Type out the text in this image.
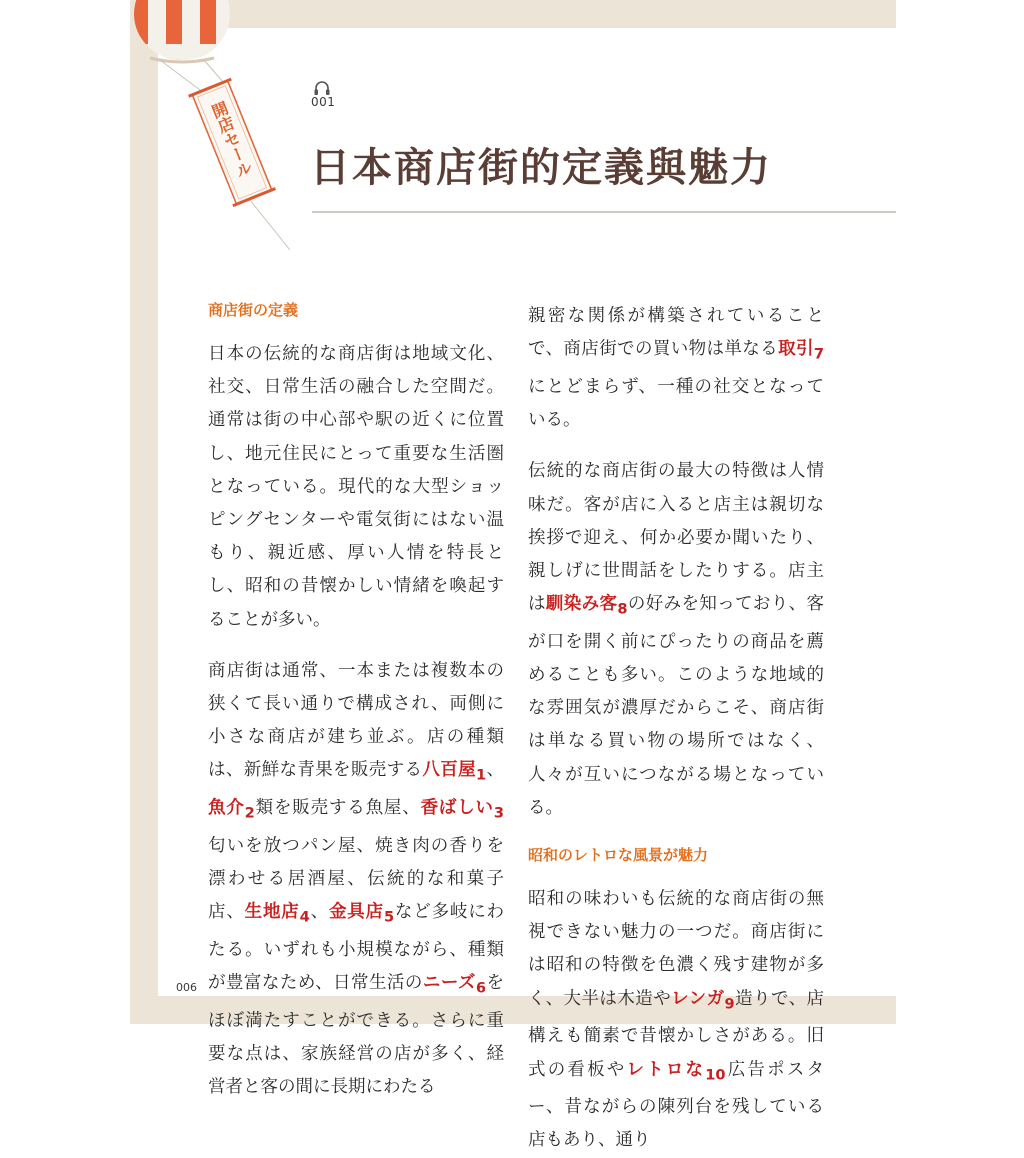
開店セール	001
日本商店街的定義與魅力
商店街の定義

日本の伝統的な商店街は地域文化、社交、日常生活の融合した空間だ。通常は街の中心部や駅の近くに位置し、地元住民にとって重要な生活圏となっている。現代的な大型ショッピングセンターや電気街にはない温もり、親近感、厚い人情を特長とし、昭和の昔懐かしい情緒を喚起することが多い。

商店街は通常、一本または複数本の狭くて長い通りで構成され、両側に小さな商店が建ち並ぶ。店の種類は、新鮮な青果を販売する八百屋$_1$、魚介$_2$類を販売する魚屋、香ばしい$_3$匂いを放つパン屋、焼き肉の香りを漂わせる居酒屋、伝統的な和菓子店、生地店$_4$、金具店$_5$など多岐にわたる。いずれも小規模ながら、種類が豊富なため、日常生活のニーズ$_6$をほぼ満たすことができる。さらに重要な点は、家族経営の店が多く、経営者と客の間に長期にわたる

親密な関係が構築されていることで、商店街での買い物は単なる取引$_7$にとどまらず、一種の社交となっている。

伝統的な商店街の最大の特徴は人情味だ。客が店に入ると店主は親切な挨拶で迎え、何か必要か聞いたり、親しげに世間話をしたりする。店主は馴染み客$_8$の好みを知っており、客が口を開く前にぴったりの商品を薦めることも多い。このような地域的な雰囲気が濃厚だからこそ、商店街は単なる買い物の場所ではなく、人々が互いにつながる場となっている。

昭和のレトロな風景が魅力

昭和の味わいも伝統的な商店街の無視できない魅力の一つだ。商店街には昭和の特徴を色濃く残す建物が多く、大半は木造やレンガ$_9$造りで、店構えも簡素で昔懐かしさがある。旧式の看板やレトロな$_{10}$広告ポスター、昔ながらの陳列台を残している店もあり、通り

006
